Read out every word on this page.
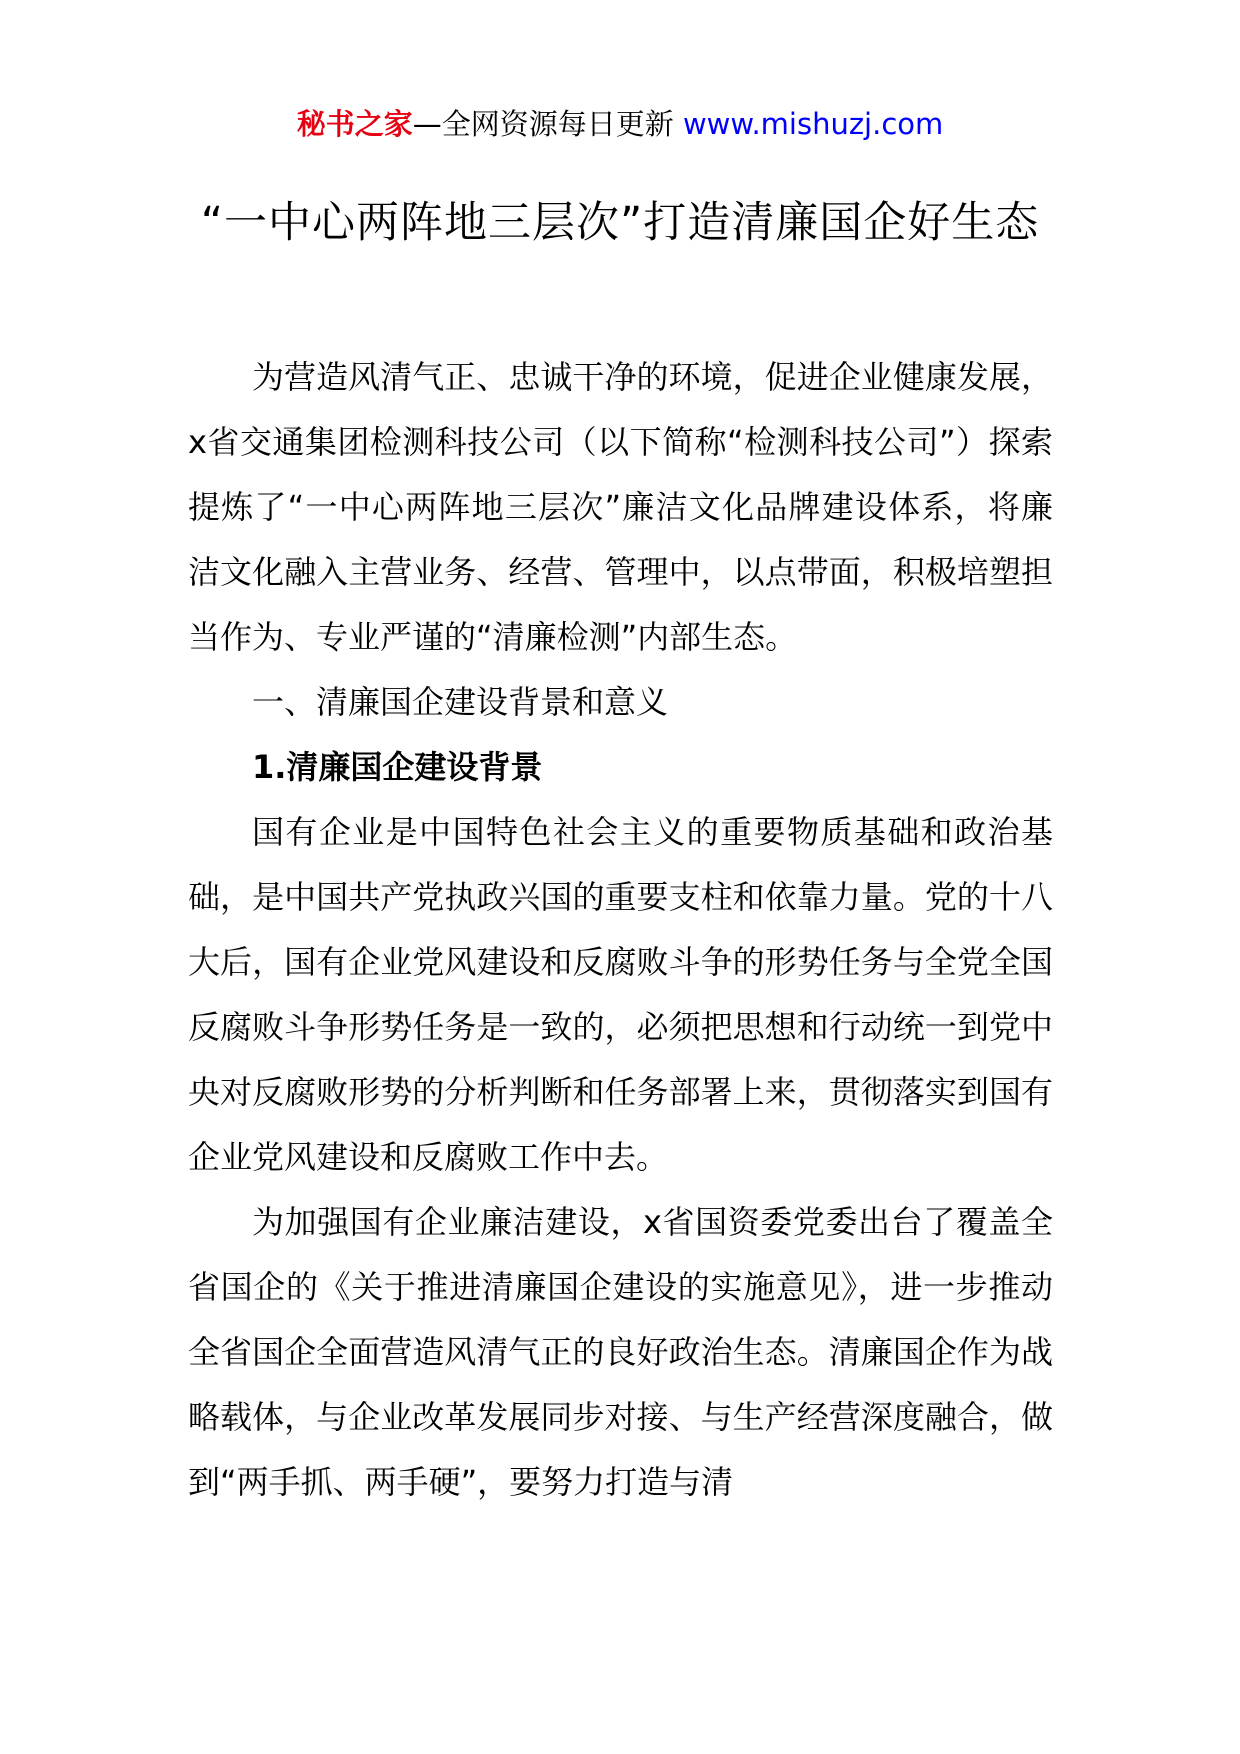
秘书之家—全网资源每日更新 www.mishuzj.com
“一中心两阵地三层次”打造清廉国企好生态

为营造风清气正、忠诚干净的环境，促进企业健康发展，x省交通集团检测科技公司（以下简称“检测科技公司”）探索提炼了“一中心两阵地三层次”廉洁文化品牌建设体系，将廉洁文化融入主营业务、经营、管理中，以点带面，积极培塑担当作为、专业严谨的“清廉检测”内部生态。

一、清廉国企建设背景和意义

1.清廉国企建设背景

国有企业是中国特色社会主义的重要物质基础和政治基础，是中国共产党执政兴国的重要支柱和依靠力量。党的十八大后，国有企业党风建设和反腐败斗争的形势任务与全党全国反腐败斗争形势任务是一致的，必须把思想和行动统一到党中央对反腐败形势的分析判断和任务部署上来，贯彻落实到国有企业党风建设和反腐败工作中去。

为加强国有企业廉洁建设，x省国资委党委出台了覆盖全省国企的《关于推进清廉国企建设的实施意见》，进一步推动全省国企全面营造风清气正的良好政治生态。清廉国企作为战略载体，与企业改革发展同步对接、与生产经营深度融合，做到“两手抓、两手硬”，要努力打造与清
